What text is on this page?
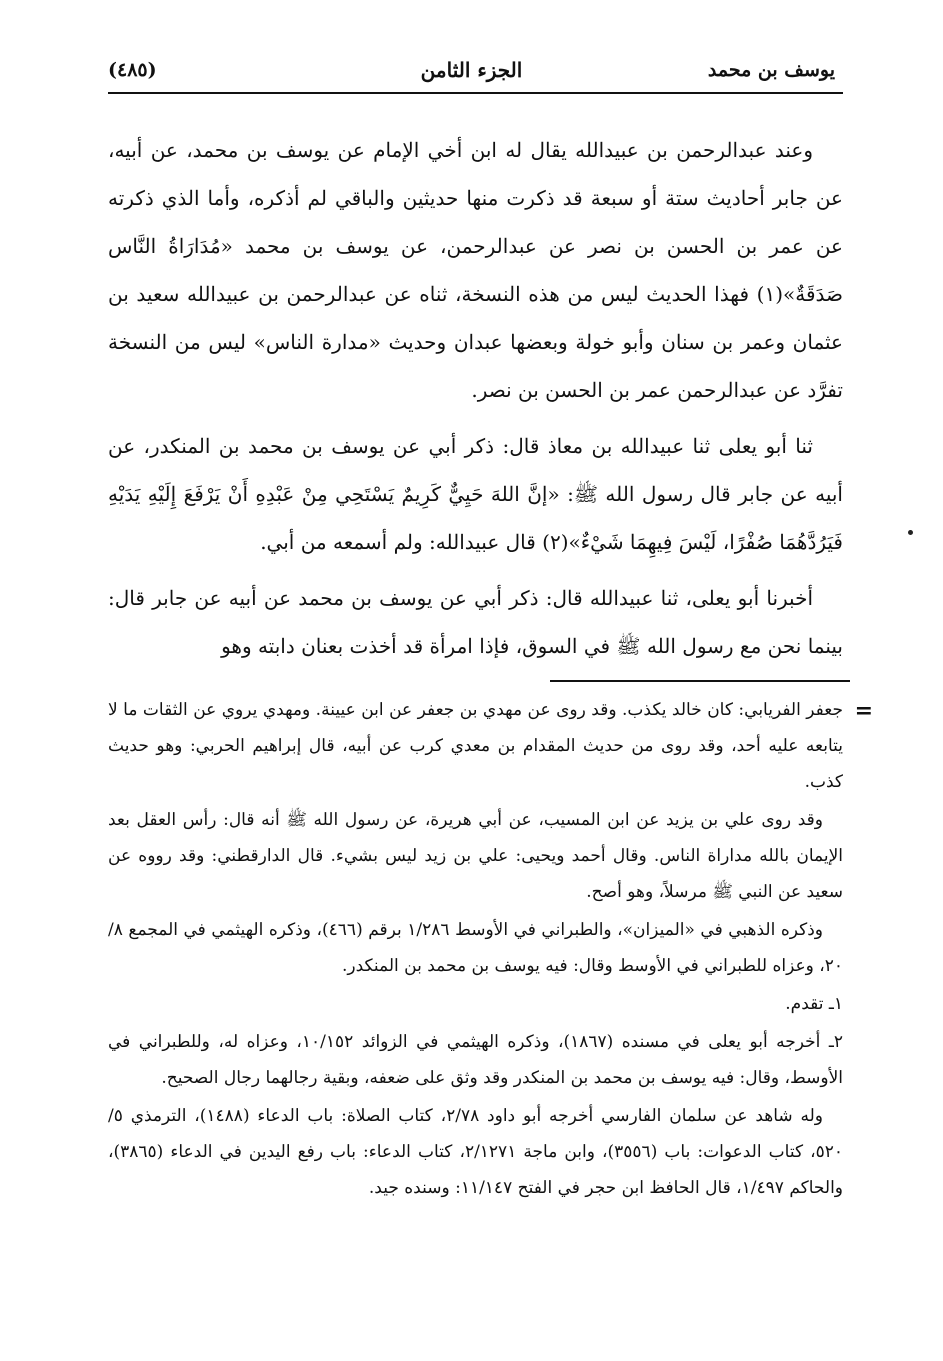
يوسف بن محمد
الجزء الثامن
(٤٨٥)

وعند عبدالرحمن بن عبيدالله يقال له ابن أخي الإمام عن يوسف بن محمد، عن أبيه، عن جابر أحاديث ستة أو سبعة قد ذكرت منها حديثين والباقي لم أذكره، وأما الذي ذكرته عن عمر بن الحسن بن نصر عن عبدالرحمن، عن يوسف بن محمد «مُدَارَاةُ النَّاس صَدَقَةٌ»(١) فهذا الحديث ليس من هذه النسخة، ثناه عن عبدالرحمن بن عبيدالله سعيد بن عثمان وعمر بن سنان وأبو خولة وبعضها عبدان وحديث «مدارة الناس» ليس من النسخة تفرَّد عن عبدالرحمن عمر بن الحسن بن نصر.

ثنا أبو يعلى ثنا عبيدالله بن معاذ قال: ذكر أبي عن يوسف بن محمد بن المنكدر، عن أبيه عن جابر قال رسول الله ﷺ: «إنَّ اللهَ حَيِيٌّ كَرِيمٌ يَسْتَحِي مِنْ عَبْدِهِ أَنْ يَرْفَعَ إِلَيْهِ يَدَيْهِ فَيَرُدَّهُمَا صُفْرًا، لَيْسَ فِيهِمَا شَيْءٌ»(٢) قال عبيدالله: ولم أسمعه من أبي.

أخبرنا أبو يعلى، ثنا عبيدالله قال: ذكر أبي عن يوسف بن محمد عن أبيه عن جابر قال: بينما نحن مع رسول الله ﷺ في السوق، فإذا امرأة قد أخذت بعنان دابته وهو

=

جعفر الفريابي: كان خالد يكذب. وقد روى عن مهدي بن جعفر عن ابن عيينة. ومهدي يروي عن الثقات ما لا يتابعه عليه أحد، وقد روى من حديث المقدام بن معدي كرب عن أبيه، قال إبراهيم الحربي: وهو حديث كذب.

وقد روى علي بن يزيد عن ابن المسيب، عن أبي هريرة، عن رسول الله ﷺ أنه قال: رأس العقل بعد الإيمان بالله مداراة الناس. وقال أحمد ويحيى: علي بن زيد ليس بشيء. قال الدارقطني: وقد رووه عن سعيد عن النبي ﷺ مرسلاً، وهو أصح.

وذكره الذهبي في «الميزان»، والطبراني في الأوسط ١/٢٨٦ برقم (٤٦٦)، وذكره الهيثمي في المجمع ٨/ ٢٠، وعزاه للطبراني في الأوسط وقال: فيه يوسف بن محمد بن المنكدر.

١ـ تقدم.

٢ـ أخرجه أبو يعلى في مسنده (١٨٦٧)، وذكره الهيثمي في الزوائد ١٠/١٥٢، وعزاه له، وللطبراني في الأوسط، وقال: فيه يوسف بن محمد بن المنكدر وقد وثق على ضعفه، وبقية رجالهما رجال الصحيح.

وله شاهد عن سلمان الفارسي أخرجه أبو داود ٢/٧٨، كتاب الصلاة: باب الدعاء (١٤٨٨)، الترمذي ٥/ ٥٢٠، كتاب الدعوات: باب (٣٥٥٦)، وابن ماجة ٢/١٢٧١، كتاب الدعاء: باب رفع اليدين في الدعاء (٣٨٦٥)، والحاكم ١/٤٩٧، قال الحافظ ابن حجر في الفتح ١١/١٤٧: وسنده جيد.
